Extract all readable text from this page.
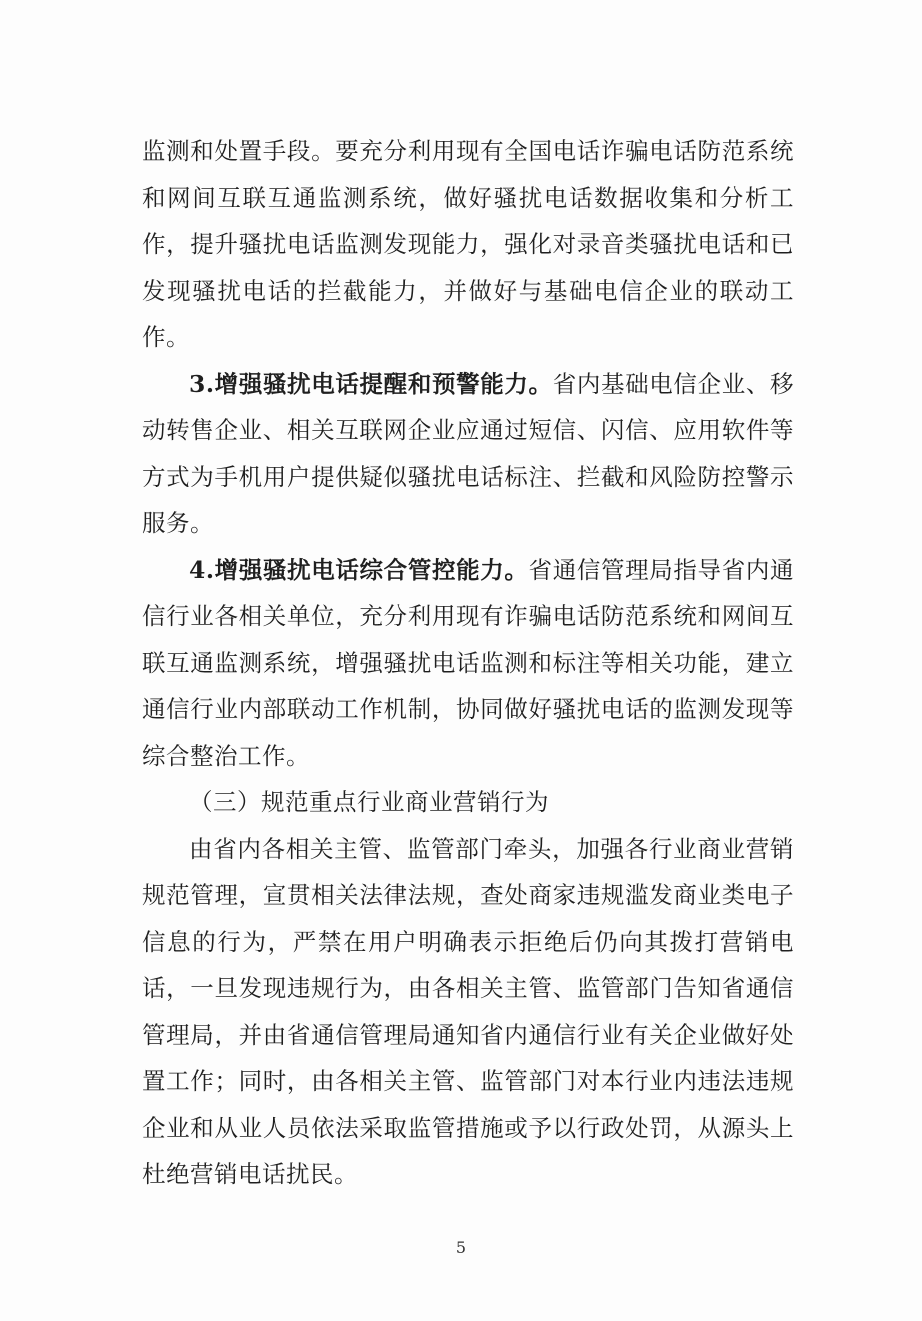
监测和处置手段。要充分利用现有全国电话诈骗电话防范系统和网间互联互通监测系统，做好骚扰电话数据收集和分析工作，提升骚扰电话监测发现能力，强化对录音类骚扰电话和已发现骚扰电话的拦截能力，并做好与基础电信企业的联动工作。

3.增强骚扰电话提醒和预警能力。省内基础电信企业、移动转售企业、相关互联网企业应通过短信、闪信、应用软件等方式为手机用户提供疑似骚扰电话标注、拦截和风险防控警示服务。

4.增强骚扰电话综合管控能力。省通信管理局指导省内通信行业各相关单位，充分利用现有诈骗电话防范系统和网间互联互通监测系统，增强骚扰电话监测和标注等相关功能，建立通信行业内部联动工作机制，协同做好骚扰电话的监测发现等综合整治工作。

（三）规范重点行业商业营销行为

由省内各相关主管、监管部门牵头，加强各行业商业营销规范管理，宣贯相关法律法规，查处商家违规滥发商业类电子信息的行为，严禁在用户明确表示拒绝后仍向其拨打营销电话，一旦发现违规行为，由各相关主管、监管部门告知省通信管理局，并由省通信管理局通知省内通信行业有关企业做好处置工作；同时，由各相关主管、监管部门对本行业内违法违规企业和从业人员依法采取监管措施或予以行政处罚，从源头上杜绝营销电话扰民。

5
